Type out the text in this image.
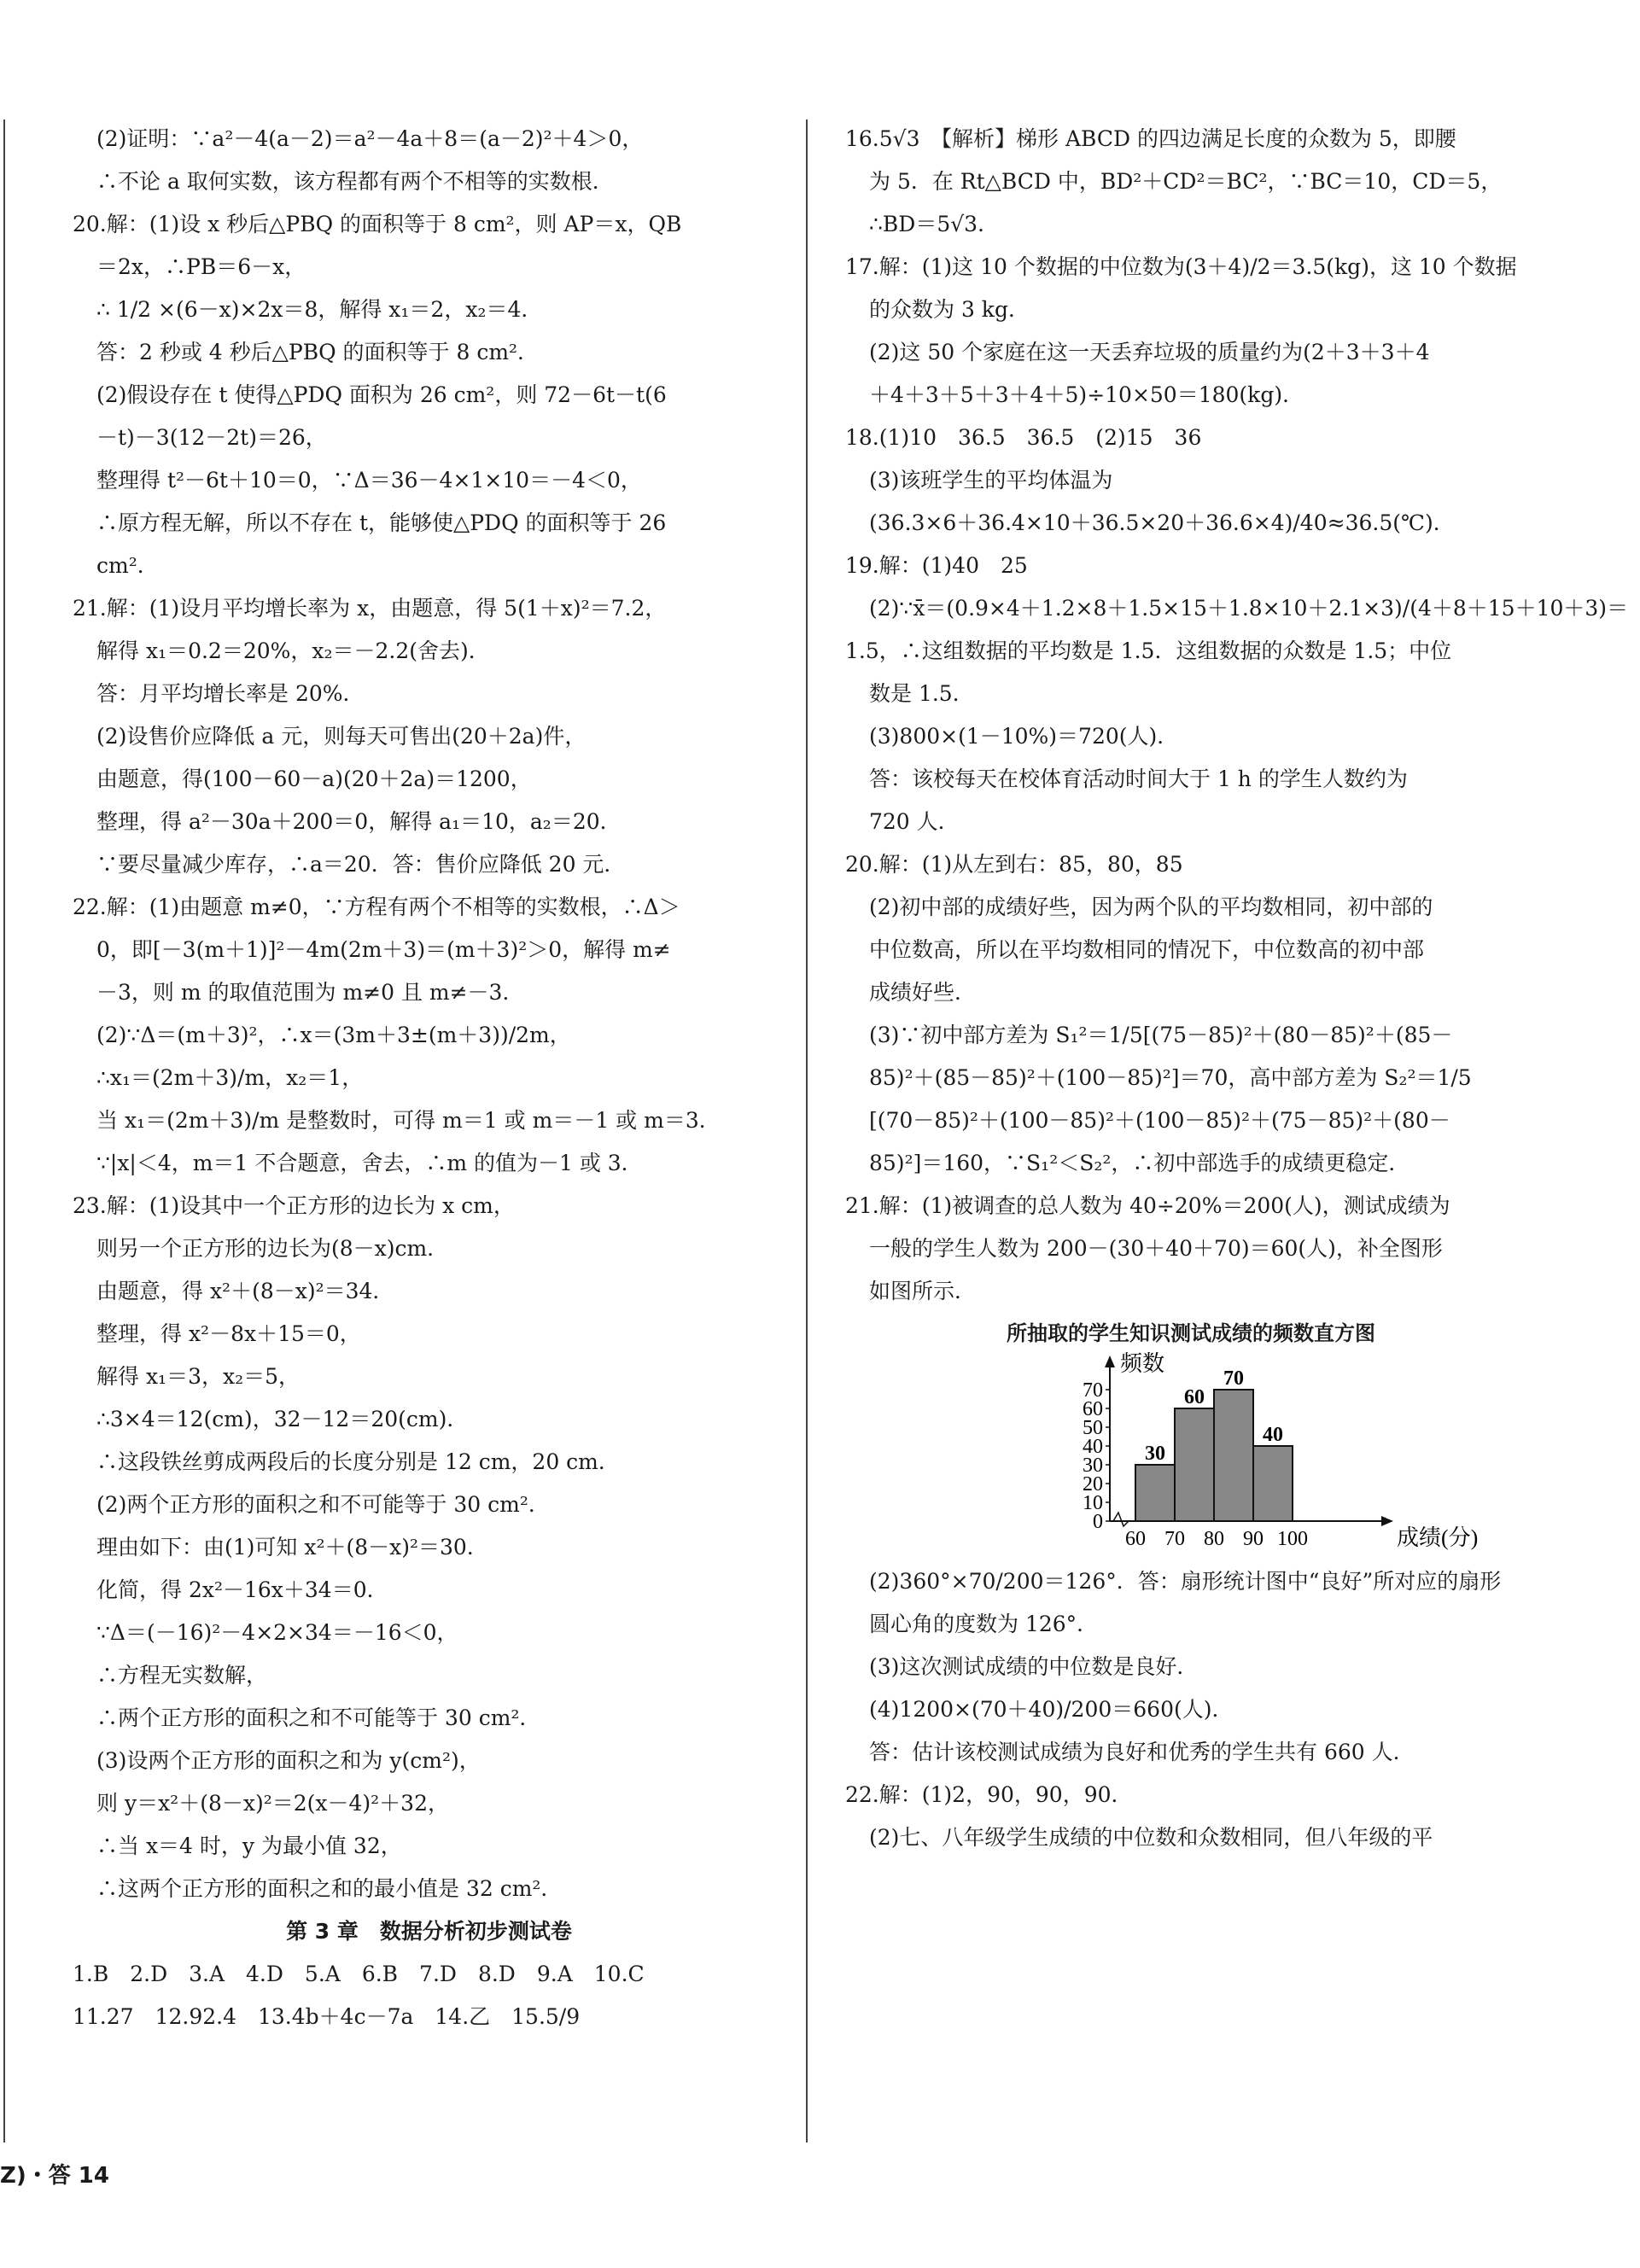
(2)证明：∵a²－4(a－2)＝a²－4a＋8＝(a－2)²＋4＞0，
∴不论 a 取何实数，该方程都有两个不相等的实数根．
20.解：(1)设 x 秒后△PBQ 的面积等于 8 cm²，则 AP＝x，QB
＝2x，∴PB＝6－x，
∴ 1/2 ×(6－x)×2x＝8，解得 x₁＝2，x₂＝4．
答：2 秒或 4 秒后△PBQ 的面积等于 8 cm²．
(2)假设存在 t 使得△PDQ 面积为 26 cm²，则 72－6t－t(6
－t)－3(12－2t)＝26，
整理得 t²－6t＋10＝0，∵Δ＝36－4×1×10＝－4＜0，
∴原方程无解，所以不存在 t，能够使△PDQ 的面积等于 26
cm²．
21.解：(1)设月平均增长率为 x，由题意，得 5(1＋x)²＝7.2，
解得 x₁＝0.2＝20%，x₂＝－2.2(舍去)．
答：月平均增长率是 20%．
(2)设售价应降低 a 元，则每天可售出(20＋2a)件，
由题意，得(100－60－a)(20＋2a)＝1200，
整理，得 a²－30a＋200＝0，解得 a₁＝10，a₂＝20．
∵要尽量减少库存，∴a＝20．答：售价应降低 20 元．
22.解：(1)由题意 m≠0，∵方程有两个不相等的实数根，∴Δ＞
0，即[－3(m＋1)]²－4m(2m＋3)＝(m＋3)²＞0，解得 m≠
－3，则 m 的取值范围为 m≠0 且 m≠－3．
(2)∵Δ＝(m＋3)²，∴x＝(3m＋3±(m＋3))/2m，
∴x₁＝(2m＋3)/m，x₂＝1，
当 x₁＝(2m＋3)/m 是整数时，可得 m＝1 或 m＝－1 或 m＝3．
∵|x|＜4，m＝1 不合题意，舍去，∴m 的值为－1 或 3．
23.解：(1)设其中一个正方形的边长为 x cm，
则另一个正方形的边长为(8－x)cm．
由题意，得 x²＋(8－x)²＝34．
整理，得 x²－8x＋15＝0，
解得 x₁＝3，x₂＝5，
∴3×4＝12(cm)，32－12＝20(cm)．
∴这段铁丝剪成两段后的长度分别是 12 cm，20 cm．
(2)两个正方形的面积之和不可能等于 30 cm²．
理由如下：由(1)可知 x²＋(8－x)²＝30．
化简，得 2x²－16x＋34＝0．
∵Δ＝(－16)²－4×2×34＝－16＜0，
∴方程无实数解，
∴两个正方形的面积之和不可能等于 30 cm²．
(3)设两个正方形的面积之和为 y(cm²)，
则 y＝x²＋(8－x)²＝2(x－4)²＋32，
∴当 x＝4 时，y 为最小值 32，
∴这两个正方形的面积之和的最小值是 32 cm²．
第 3 章　数据分析初步测试卷
1.B　2.D　3.A　4.D　5.A　6.B　7.D　8.D　9.A　10.C
11.27　12.92.4　13.4b＋4c－7a　14.乙　15.5/9
16.5√3　【解析】梯形 ABCD 的四边满足长度的众数为 5，即腰
为 5．在 Rt△BCD 中，BD²＋CD²＝BC²，∵BC＝10，CD＝5，
∴BD＝5√3．
17.解：(1)这 10 个数据的中位数为(3＋4)/2＝3.5(kg)，这 10 个数据
的众数为 3 kg．
(2)这 50 个家庭在这一天丢弃垃圾的质量约为(2＋3＋3＋4
＋4＋3＋5＋3＋4＋5)÷10×50＝180(kg)．
18.(1)10　36.5　36.5　(2)15　36
(3)该班学生的平均体温为
(36.3×6＋36.4×10＋36.5×20＋36.6×4)/40≈36.5(℃)．
19.解：(1)40　25
(2)∵x̄＝(0.9×4＋1.2×8＋1.5×15＋1.8×10＋2.1×3)/(4＋8＋15＋10＋3)＝
1.5，∴这组数据的平均数是 1.5．这组数据的众数是 1.5；中位
数是 1.5．
(3)800×(1－10%)＝720(人)．
答：该校每天在校体育活动时间大于 1 h 的学生人数约为
720 人．
20.解：(1)从左到右：85，80，85
(2)初中部的成绩好些，因为两个队的平均数相同，初中部的
中位数高，所以在平均数相同的情况下，中位数高的初中部
成绩好些．
(3)∵初中部方差为 S₁²＝1/5[(75－85)²＋(80－85)²＋(85－
85)²＋(85－85)²＋(100－85)²]＝70，高中部方差为 S₂²＝1/5
[(70－85)²＋(100－85)²＋(100－85)²＋(75－85)²＋(80－
85)²]＝160，∵S₁²＜S₂²，∴初中部选手的成绩更稳定．
21.解：(1)被调查的总人数为 40÷20%＝200(人)，测试成绩为
一般的学生人数为 200－(30＋40＋70)＝60(人)，补全图形
如图所示．
所抽取的学生知识测试成绩的频数直方图
0
10
20
30
40
50
60
70
30
60
70
40
60 70 80 90 100
频数
成绩(分)
(2)360°×70/200＝126°．答：扇形统计图中“良好”所对应的扇形
圆心角的度数为 126°．
(3)这次测试成绩的中位数是良好．
(4)1200×(70＋40)/200＝660(人)．
答：估计该校测试成绩为良好和优秀的学生共有 660 人．
22.解：(1)2，90，90，90．
(2)七、八年级学生成绩的中位数和众数相同，但八年级的平
Z)・答 14
